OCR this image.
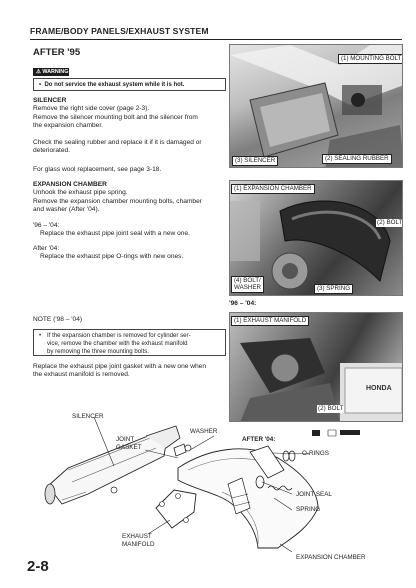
FRAME/BODY PANELS/EXHAUST SYSTEM
AFTER '95
⚠ WARNING
•  Do not service the exhaust system while it is hot.
SILENCER
Remove the right side cover (page 2-3).
Remove the silencer mounting bolt and the silencer from
the expansion chamber.
Check the sealing rubber and replace it if it is damaged or
deteriorated.
For glass wool replacement, see page 3-18.
EXPANSION CHAMBER
Unhook the exhaust pipe spring.
Remove the expansion chamber mounting bolts, chamber
and washer (After '04).
'96 – '04:
Replace the exhaust pipe joint seal with a new one.
After '04:
Replace the exhaust pipe O-rings with new ones.
NOTE ('98 – '04)
• If the expansion chamber is removed for cylinder ser-
vice, remove the chamber with the exhaust manifold
by removing the three mounting bolts.
Replace the exhaust pipe joint gasket with a new one when
the exhaust manifold is removed.
(1) MOUNTING BOLT
(3) SILENCER	(2) SEALING RUBBER
(1) EXPANSION CHAMBER
(2) BOLT
(4) BOLT/
WASHER	(3) SPRING
'96 – '04:
(1) EXHAUST MANIFOLD
(2) BOLT
HONDA
SILENCER
WASHER
JOINT
GASKET
AFTER '04:
O-RINGS
JOINT SEAL
SPRING
EXHAUST
MANIFOLD
EXPANSION CHAMBER
2-8
